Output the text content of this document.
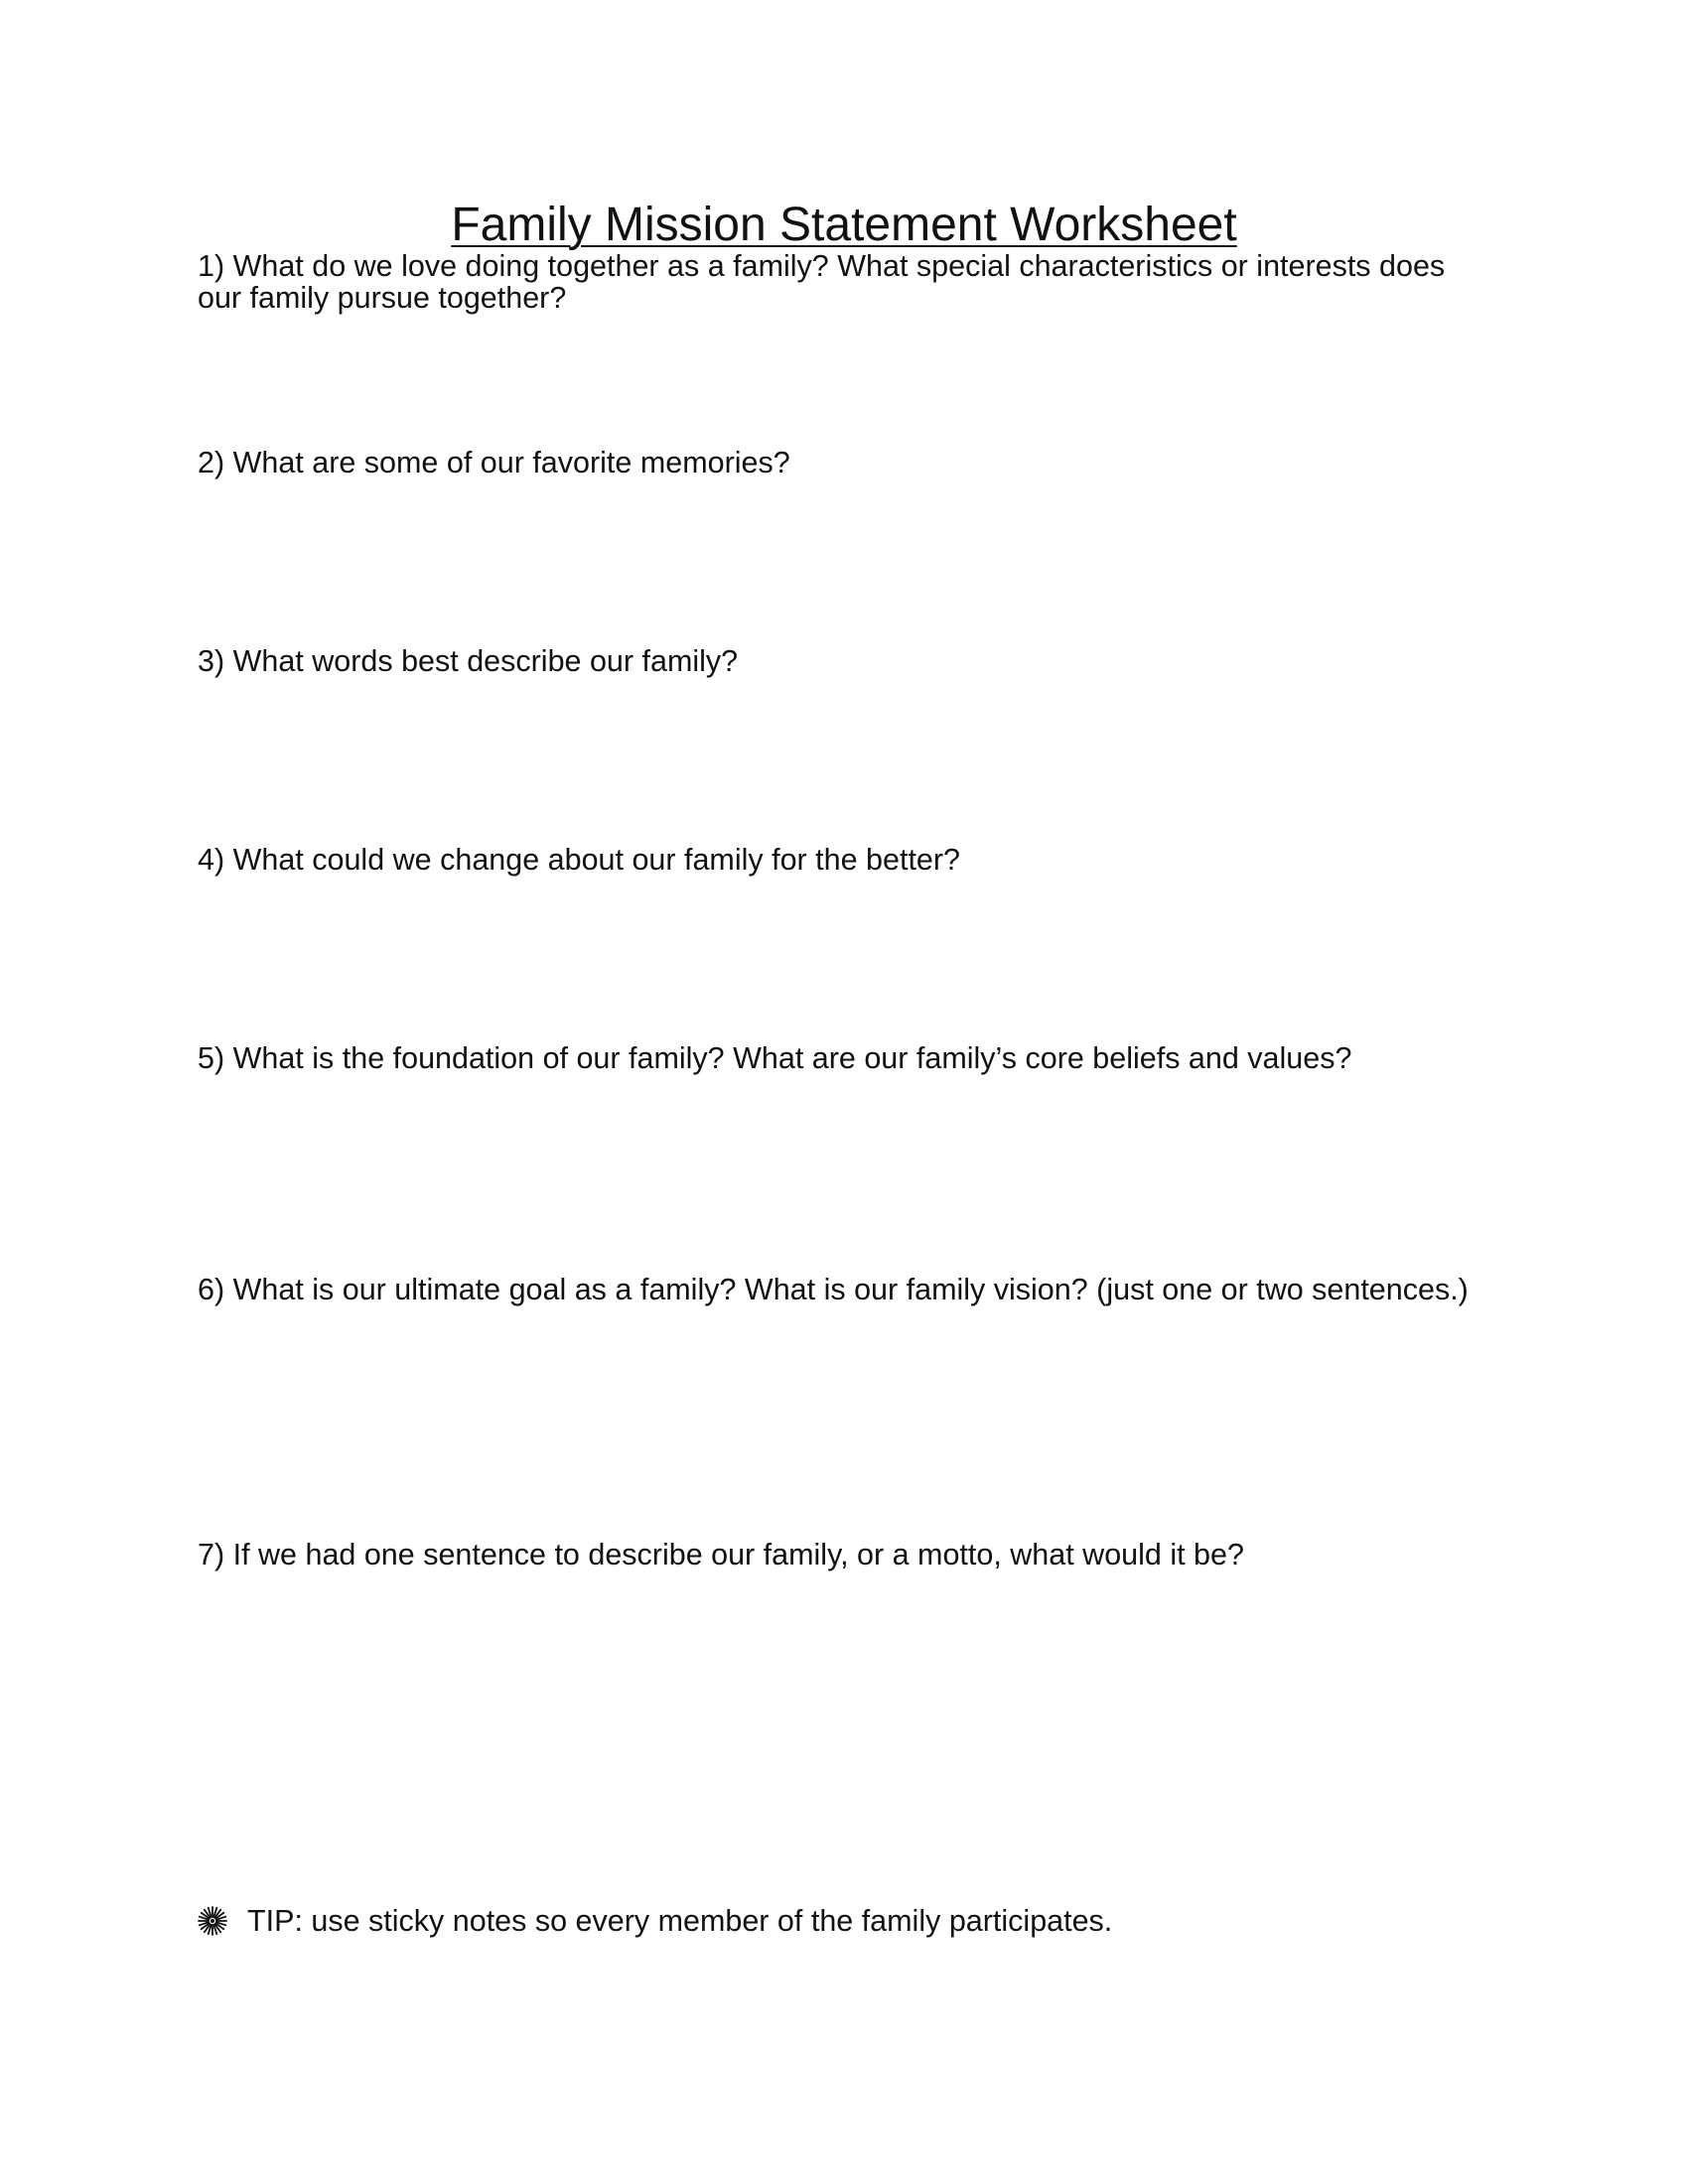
Family Mission Statement Worksheet

1) What do we love doing together as a family? What special characteristics or interests does our family pursue together?

2) What are some of our favorite memories?

3) What words best describe our family?

4) What could we change about our family for the better?

5) What is the foundation of our family? What are our family’s core beliefs and values?

6) What is our ultimate goal as a family? What is our family vision? (just one or two sentences.)

7) If we had one sentence to describe our family, or a motto, what would it be?

TIP: use sticky notes so every member of the family participates.
